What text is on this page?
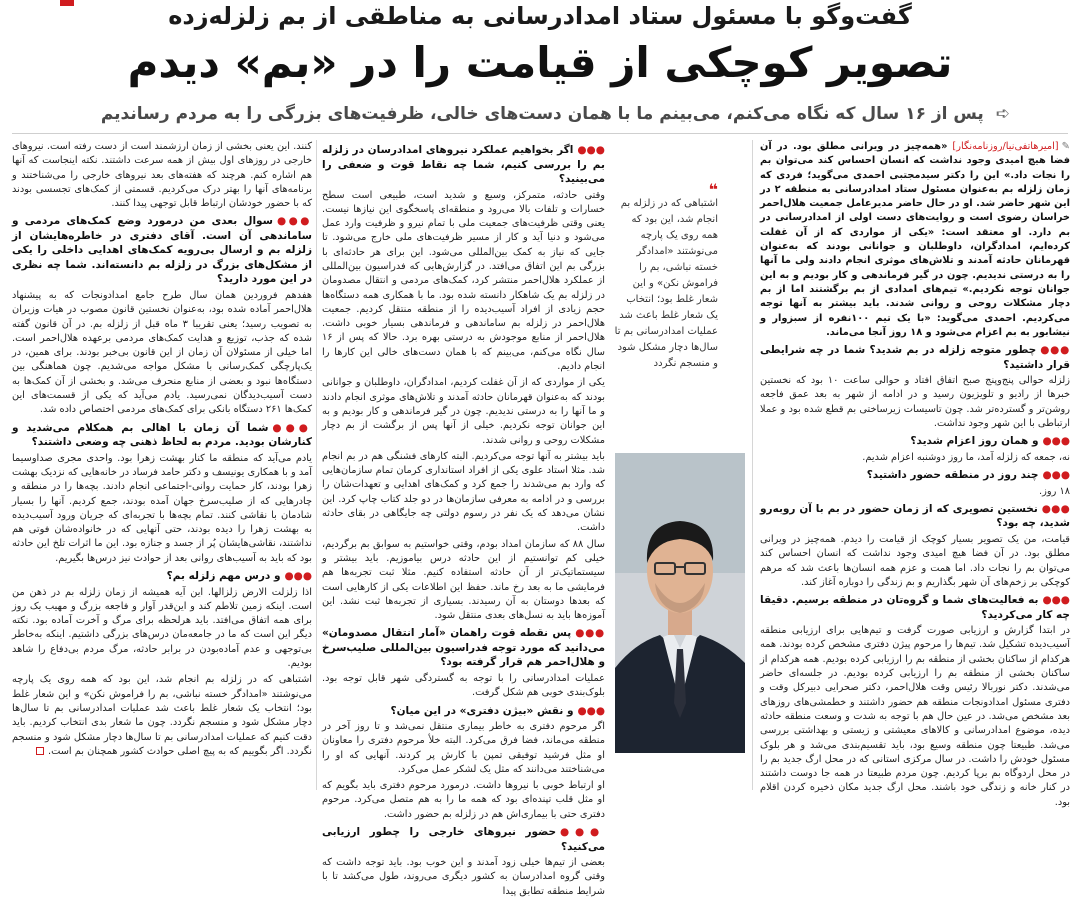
گفت‌وگو با مسئول ستاد امدادرسانی به مناطقی از بم زلزله‌زده
تصویر کوچکی از قیامت را در «بم» دیدم
➪ پس از ۱۶ سال که نگاه می‌کنم، می‌بینم ما با همان دست‌های خالی، ظرفیت‌های بزرگی را به مردم رساندیم

✎[امیرهاتفی‌نیا/روزنامه‌نگار] «همه‌چیز در ویرانی مطلق بود. در آن فضا هیچ امیدی وجود نداشت که انسان احساس کند می‌توان بم را نجات داد.» این را دکتر سیدمجتبی احمدی می‌گوید؛ فردی که زمان زلزله بم به‌عنوان مسئول ستاد امدادرسانی به منطقه ۲ در این شهر حاضر شد. او در حال حاضر مدیرعامل جمعیت هلال‌احمر خراسان رضوی است و روایت‌های دست اولی از امدادرسانی در بم دارد. او معتقد است: «یکی از مواردی که از آن غفلت کرده‌ایم، امدادگران، داوطلبان و جوانانی بودند که به‌عنوان قهرمانان حادثه آمدند و تلاش‌های موثری انجام دادند ولی ما آنها را به درستی ندیدیم. چون در گیر فرماندهی و کار بودیم و به این جوانان توجه نکردیم.» تیم‌های امدادی از بم برگشتند اما از بم دچار مشکلات روحی و روانی شدند. باید بیشتر به آنها توجه می‌کردیم. احمدی می‌گوید: «با یک تیم ۱۰۰نفره از سبزوار و نیشابور به بم اعزام می‌شود و ۱۸ روز آنجا می‌ماند.

●●●چطور متوجه زلزله در بم شدید؟ شما در چه شرایطی قرار داشتید؟

زلزله حوالی پنج‌وپنج صبح اتفاق افتاد و حوالی ساعت ۱۰ بود که نخستین خبرها از رادیو و تلویزیون رسید و در ادامه از شهر به بعد عمق فاجعه روشن‌تر و گسترده‌تر شد. چون تاسیسات زیرساختی بم قطع شده بود و عملا ارتباطی با این شهر وجود نداشت.

●●●و همان روز اعزام شدید؟

نه، جمعه که زلزله آمد، ما روز دوشنبه اعزام شدیم.

●●●چند روز در منطقه حضور داشتید؟

۱۸ روز.

●●●نخستین تصویری که از زمان حضور در بم با آن روبه‌رو شدید، چه بود؟

قیامت، من یک تصویر بسیار کوچک از قیامت را دیدم. همه‌چیز در ویرانی مطلق بود. در آن فضا هیچ امیدی وجود نداشت که انسان احساس کند می‌توان بم را نجات داد. اما همت و عزم همه انسان‌ها باعث شد که مرهم کوچکی بر زخم‌های آن شهر بگذاریم و بم زندگی را دوباره آغاز کند.

●●●به فعالیت‌های شما و گروه‌تان در منطقه برسیم. دقیقا چه کار می‌کردید؟

در ابتدا گزارش و ارزیابی صورت گرفت و تیم‌هایی برای ارزیابی منطقه آسیب‌دیده تشکیل شد. تیم‌ها را مرحوم پیژن دفتری مشخص کرده بودند. همه هرکدام از ساکنان بخشی از منطقه بم را ارزیابی کرده بودیم. همه هرکدام از ساکنان بخشی از منطقه بم را ارزیابی کرده بودیم. در جلسه‌ای حاضر می‌شدند. دکتر نوربالا رئیس وقت هلال‌احمر، دکتر صحرایی دبیرکل وقت و دفتری مسئول امدادونجات منطقه هم حضور داشتند و خطمشی‌های روزهای بعد مشخص می‌شد. در عین حال هم با توجه به شدت و وسعت منطقه حادثه دیده، موضوع امدادرسانی و کالاهای معیشتی و زیستی و بهداشتی بررسی می‌شد. طبیعتا چون منطقه وسیع بود، باید تقسیم‌بندی می‌شد و هر بلوک مسئول خودش را داشت. در سال مرکزی استانی که در محل ارگ جدید بم را در محل اردوگاه بم برپا کردیم. چون مردم طبیعتا در همه جا دوست داشتند در کنار خانه و زندگی خود باشند. محل ارگ جدید مکان ذخیره کردن اقلام بود.

❝
اشتباهی که در زلزله بم انجام شد، این بود که همه روی یک پارچه می‌نوشتند «امدادگر خسته نباشی، بم را فراموش نکن» و این شعار غلط بود؛ انتخاب یک شعار غلط باعث شد عملیات امدادرسانی بم تا سال‌ها دچار مشکل شود و منسجم نگردد
●●●اگر بخواهیم عملکرد نیروهای امدادرسان در زلزله بم را بررسی کنیم، شما چه نقاط قوت و ضعفی را می‌بینید؟

وقتی حادثه، متمرکز، وسیع و شدید است، طبیعی است سطح خسارات و تلفات بالا می‌رود و منطقه‌ای پاسخگوی این نیازها نیست. یعنی وقتی ظرفیت‌های جمعیت ملی با تمام نیرو و ظرفیت وارد عمل می‌شود و دنیا آید و کار از مسیر ظرفیت‌های ملی خارج می‌شود. تا جایی که نیاز به کمک بین‌المللی می‌شود. این برای هر حادثه‌ای با بزرگی بم این اتفاق می‌افتد. در گزارش‌هایی که فدراسیون بین‌المللی از عملکرد هلال‌احمر منتشر کرد، کمک‌های مردمی و انتقال مصدومان در زلزله بم یک شاهکار دانسته شده بود. ما با همکاری همه دستگاه‌ها حجم زیادی از افراد آسیب‌دیده را از منطقه منتقل کردیم. جمعیت هلال‌احمر در زلزله بم ساماندهی و فرماندهی بسیار خوبی داشت. هلال‌احمر از منابع موجودش به درستی بهره برد. حالا که پس از ۱۶ سال نگاه می‌کنم، می‌بینم که با همان دست‌های خالی این کارها را انجام دادیم.

یکی از مواردی که از آن غفلت کردیم، امدادگران، داوطلبان و جوانانی بودند که به‌عنوان قهرمانان حادثه آمدند و تلاش‌های موثری انجام دادند و ما آنها را به درستی ندیدیم. چون در گیر فرماندهی و کار بودیم و به این جوانان توجه نکردیم. خیلی از آنها پس از برگشت از بم دچار مشکلات روحی و روانی شدند.

باید بیشتر به آنها توجه می‌کردیم. البته کارهای فشنگی هم در بم انجام شد. مثلا استاد علوی یکی از افراد استانداری کرمان تمام سازمان‌هایی که وارد بم می‌شدند را جمع کرد و کمک‌های اهدایی و تعهدات‌شان را بررسی و در ادامه به معرفی سازمان‌ها در دو جلد کتاب چاپ کرد. این نشان می‌دهد که یک نفر در رسوم دولتی چه جایگاهی در بقای حادثه داشت.

سال ۸۸ که سازمان امداد بودم، وقتی خواستیم به سوابق بم برگردیم، خیلی کم توانستیم از این حادثه درس بیاموزیم. باید بیشتر و سیستماتیک‌تر از آن حادثه استفاده کنیم. مثلا ثبت تجربه‌ها هم فرمایشی ما به بعد رخ ماند. حفظ این اطلاعات یکی از کارهایی است که بعدها دوستان به آن رسیدند. بسیاری از تجربه‌ها ثبت نشد. این آموزه‌ها باید به نسل‌های بعدی منتقل شود.

●●●پس نقطه قوت راهمان «آمار انتقال مصدومان» می‌دانید که مورد توجه فدراسیون بین‌المللی صلیب‌سرخ و هلال‌احمر هم قرار گرفته بود؟

عملیات امدادرسانی را با توجه به گستردگی شهر قابل توجه بود. بلوک‌بندی خوبی هم شکل گرفت.

●●●و نقش «بیژن دفتری» در این میان؟

اگر مرحوم دفتری به خاطر بیماری منتقل نمی‌شد و تا روز آخر در منطقه می‌ماند، فضا فرق می‌کرد. البته خلأ مرحوم دفتری را معاونان او مثل فرشید توفیقی تمپن با کارش پر کردند. آنهایی که او را می‌شناختند می‌دانند که مثل یک لشکر عمل می‌کرد.

او ارتباط خوبی با نیروها داشت. درمورد مرحوم دفتری باید بگویم که او مثل قلب تپنده‌ای بود که همه ما را به هم متصل می‌کرد. مرحوم دفتری حتی با بیماری‌اش هم در زلزله بم حضور داشت.

●●●حضور نیروهای خارجی را چطور ارزیابی می‌کنید؟

بعضی از تیم‌ها خیلی زود آمدند و این خوب بود. باید توجه داشت که وقتی گروه امدادرسان به کشور دیگری می‌روند، طول می‌کشد تا با شرایط منطقه تطابق پیدا

کنند. این یعنی بخشی از زمان ارزشمند است از دست رفته است. نیروهای خارجی در روزهای اول بیش از همه سرعت داشتند. نکته اینجاست که آنها هم اشاره کنم. هرچند که هفته‌های بعد نیروهای خارجی را می‌شناختند و برنامه‌های آنها را بهتر درک می‌کردیم. قسمتی از کمک‌های تجسسی بودند که با حضور خودشان ارتباط قابل توجهی پیدا کنند.

●●●سوال بعدی من درمورد وضع کمک‌های مردمی و ساماندهی آن است. آقای دفتری در خاطره‌هایشان از زلزله بم و ارسال بی‌رویه کمک‌های اهدایی داخلی را یکی از مشکل‌های بزرگ در زلزله بم دانسته‌اند. شما چه نظری در این مورد دارید؟

هفدهم فروردین همان سال طرح جامع امدادونجات که به پیشنهاد هلال‌احمر آماده شده بود، به‌عنوان نخستین قانون مصوب در هیات وزیران به تصویب رسید؛ یعنی تقریبا ۳ ماه قبل از زلزله بم. در آن قانون گفته شده که جذب، توزیع و هدایت کمک‌های مردمی برعهده هلال‌احمر است. اما خیلی از مسئولان آن زمان از این قانون بی‌خبر بودند. برای همین، در یک‌پارچگی کمک‌رسانی با مشکل مواجه می‌شدیم. چون هماهنگی بین دستگاه‌ها نبود و بعضی از منابع منحرف می‌شد. و بخشی از آن کمک‌ها به دست آسیب‌دیدگان نمی‌رسید. یادم می‌آید که یکی از قسمت‌های این کمک‌ها ۲۶۱ دستگاه بانکی برای کمک‌های مردمی اختصاص داده شد.

●●●شما آن زمان با اهالی بم همکلام می‌شدید و کنارشان بودید. مردم به لحاظ ذهنی چه وضعی داشتند؟

یادم می‌آید که منطقه ما کنار بهشت زهرا بود. واحدی مجری صداوسیما آمد و با همکاری یونیسف و دکتر حامد فرساد در خانه‌هایی که نزدیک بهشت زهرا بودند، کار حمایت روانی-اجتماعی انجام دادند. بچه‌ها را در منطقه و چادرهایی که از صلیب‌سرخ جهان آمده بودند، جمع کردیم. آنها را بسیار شادمان با نقاشی کنند. تمام بچه‌ها با تجربه‌ای که جریان ورود آسیب‌دیده به بهشت زهرا را دیده بودند، ‌حتی آنهایی که در خانواده‌شان فوتی هم نداشتند، نقاشی‌هایشان پُر از جسد و جنازه بود. این ما اثرات تلخ این حادثه بود که باید به آسیب‌های روانی بعد از حوادث نیز درس‌ها بگیریم.

●●●و درس مهم زلزله بم؟

اذا زلزلت الارض زلزالها. این آیه همیشه از زمان زلزله بم در ذهن من است. اینکه زمین تلاطم کند و این‌قدر آوار و فاجعه بزرگ و مهیب یک روز برای همه اتفاق می‌افتد. باید هرلحظه برای مرگ و آخرت آماده بود. نکته دیگر این است که ما در جامعه‌مان درس‌های بزرگی داشتیم. اینکه به‌خاطر بی‌توجهی و عدم آماده‌بودن در برابر حادثه، مرگ مردم بی‌دفاع را شاهد بودیم.

اشتباهی که در زلزله بم انجام شد، این بود که همه روی یک پارچه می‌نوشتند «امدادگر خسته نباشی، بم را فراموش نکن» و این شعار غلط بود؛ انتخاب یک شعار غلط باعث شد عملیات امدادرسانی بم تا سال‌ها دچار مشکل شود و منسجم نگردد. چون ما شعار بدی انتخاب کردیم. باید دقت کنیم که عملیات امدادرسانی بم تا سال‌ها دچار مشکل شود و منسجم نگردد. اگر بگوییم که به پیچ اصلی حوادث کشور همچنان بم است.
